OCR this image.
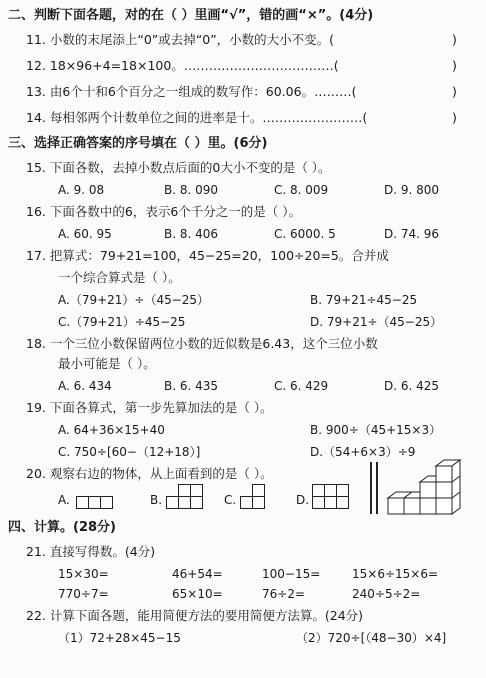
二、判断下面各题，对的在（ ）里画“√”，错的画“×”。(4分)
11. 小数的末尾添上“0”或去掉“0”，小数的大小不变。(	)
12. 18×96+4=18×100。………………………………(	)
13. 由6个十和6个百分之一组成的数写作：60.06。………(	)
14. 每相邻两个计数单位之间的进率是十。……………………(	)
三、选择正确答案的序号填在（ ）里。(6分)
15. 下面各数，去掉小数点后面的0大小不变的是（ ）。
A. 9. 08	B. 8. 090	C. 8. 009	D. 9. 800
16. 下面各数中的6，表示6个千分之一的是（ ）。
A. 60. 95	B. 8. 406	C. 6000. 5	D. 74. 96
17. 把算式：79+21=100，45−25=20，100÷20=5。合并成
一个综合算式是（ ）。
A.（79+21）÷（45−25）	B. 79+21÷45−25
C.（79+21）÷45−25	D. 79+21÷（45−25）
18. 一个三位小数保留两位小数的近似数是6.43，这个三位小数
最小可能是（ ）。
A. 6. 434	B. 6. 435	C. 6. 429	D. 6. 425
19. 下面各算式，第一步先算加法的是（ ）。
A. 64+36×15+40	B. 900÷（45+15×3）
C. 750÷[60−（12+18）]	D.（54+6×3）÷9
20. 观察右边的物体，从上面看到的是（ ）。
A.	B.	C.	D.
四、计算。(28分)
21. 直接写得数。(4分)
15×30=	46+54=	100−15=	15×6÷15×6=
770÷7=	65×10=	76÷2=	240÷5÷2=
22. 计算下面各题，能用简便方法的要用简便方法算。(24分)
（1）72+28×45−15	（2）720÷[（48−30）×4]
